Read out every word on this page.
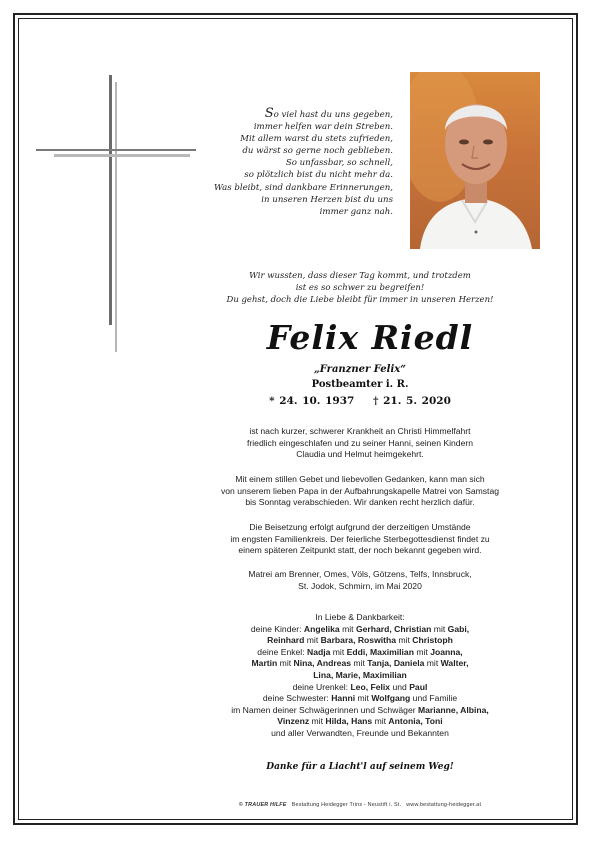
So viel hast du uns gegeben,
immer helfen war dein Streben.
Mit allem warst du stets zufrieden,
du wärst so gerne noch geblieben.
So unfassbar, so schnell,
so plötzlich bist du nicht mehr da.
Was bleibt, sind dankbare Erinnerungen,
in unseren Herzen bist du uns
immer ganz nah.
Wir wussten, dass dieser Tag kommt, und trotzdem
ist es so schwer zu begreifen!
Du gehst, doch die Liebe bleibt für immer in unseren Herzen!
Felix Riedl
„Franzner Felix“
Postbeamter i. R.
* 24. 10. 1937    † 21. 5. 2020
ist nach kurzer, schwerer Krankheit an Christi Himmelfahrt
friedlich eingeschlafen und zu seiner Hanni, seinen Kindern
Claudia und Helmut heimgekehrt.
Mit einem stillen Gebet und liebevollen Gedanken, kann man sich
von unserem lieben Papa in der Aufbahrungskapelle Matrei von Samstag
bis Sonntag verabschieden. Wir danken recht herzlich dafür.
Die Beisetzung erfolgt aufgrund der derzeitigen Umstände
im engsten Familienkreis. Der feierliche Sterbegottesdienst findet zu
einem späteren Zeitpunkt statt, der noch bekannt gegeben wird.
Matrei am Brenner, Omes, Völs, Götzens, Telfs, Innsbruck,
St. Jodok, Schmirn, im Mai 2020
In Liebe & Dankbarkeit:
deine Kinder: Angelika mit Gerhard, Christian mit Gabi,
Reinhard mit Barbara, Roswitha mit Christoph
deine Enkel: Nadja mit Eddi, Maximilian mit Joanna,
Martin mit Nina, Andreas mit Tanja, Daniela mit Walter,
Lina, Marie, Maximilian
deine Urenkel: Leo, Felix und Paul
deine Schwester: Hanni mit Wolfgang und Familie
im Namen deiner Schwägerinnen und Schwäger Marianne, Albina,
Vinzenz mit Hilda, Hans mit Antonia, Toni
und aller Verwandten, Freunde und Bekannten
Danke für a Liacht'l auf seinem Weg!
© TRAUER HILFE Bestattung Heidegger Trins - Neustift i. St.   www.bestattung-heidegger.at
